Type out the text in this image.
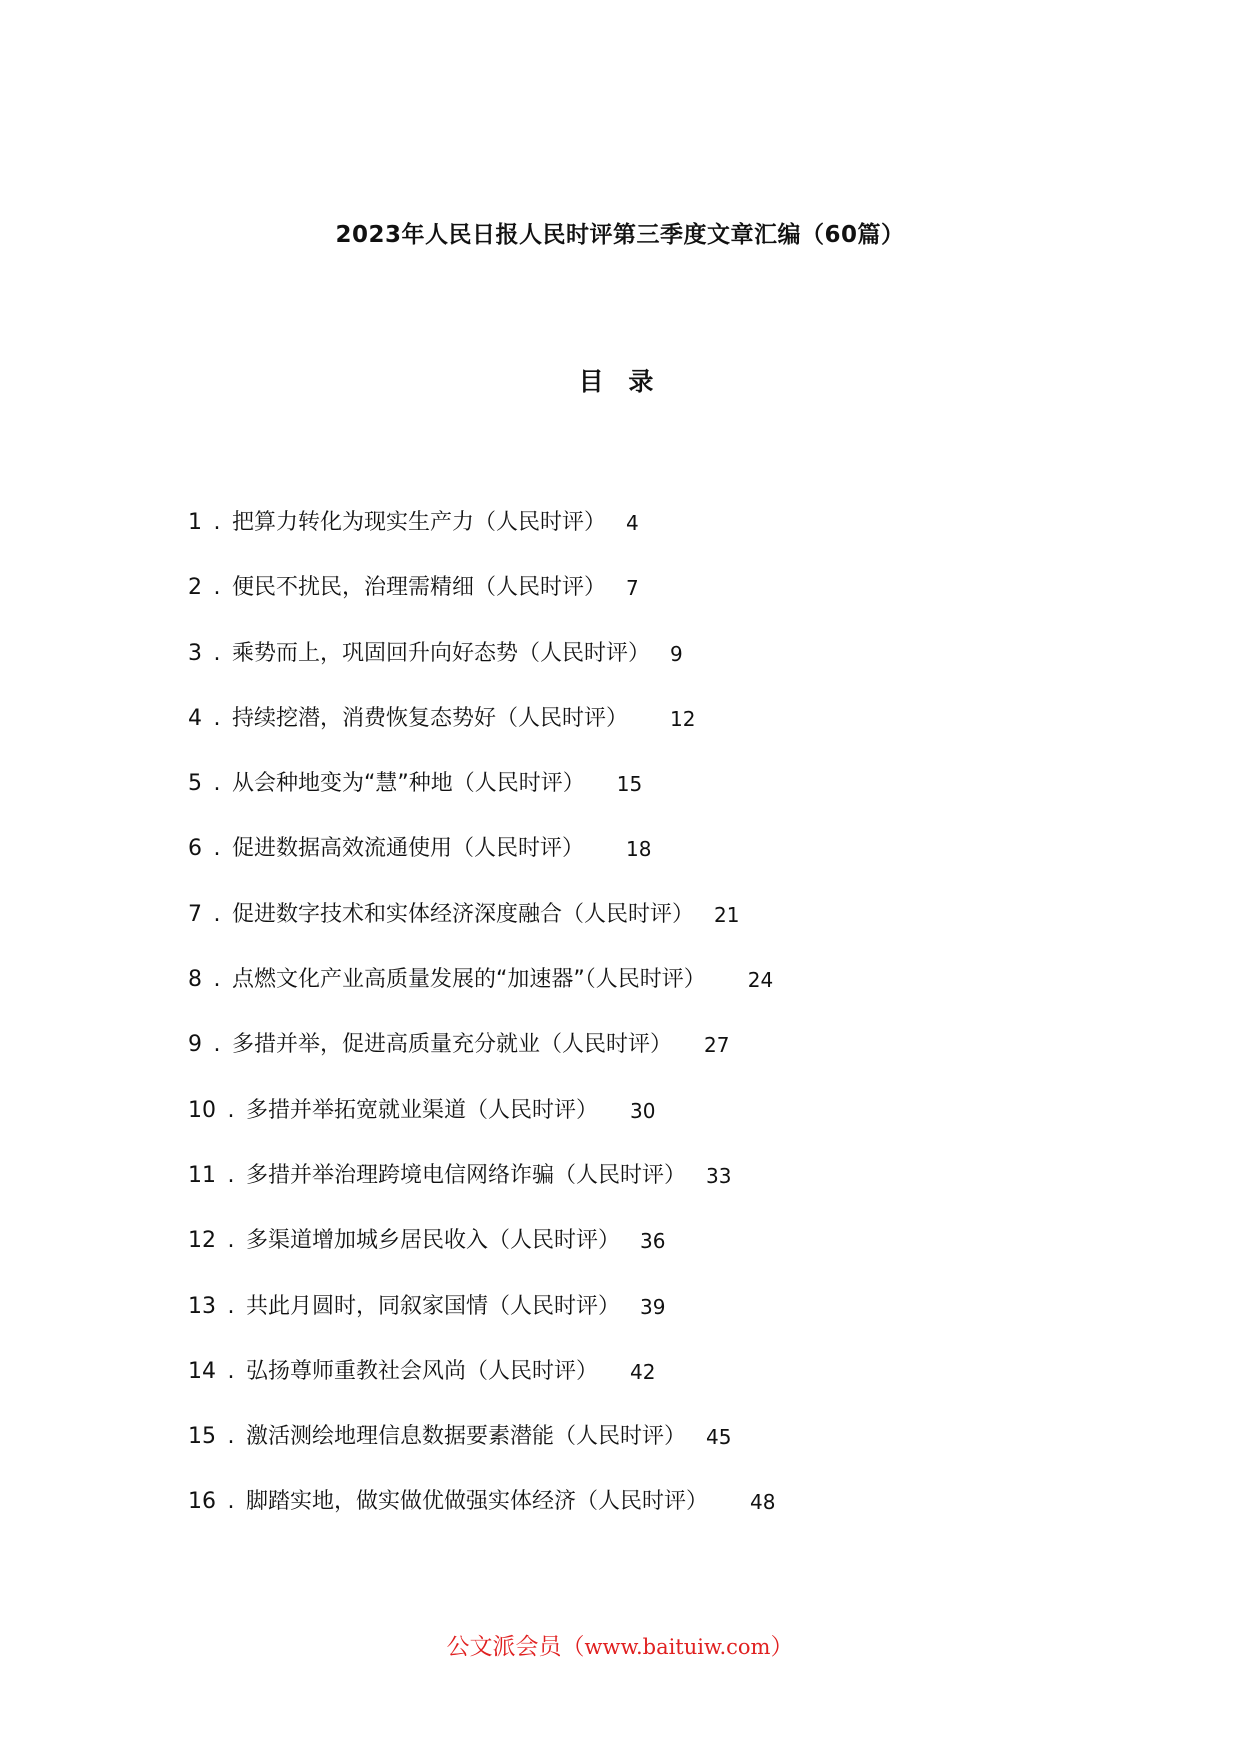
2023年人民日报人民时评第三季度文章汇编（60篇）
目 录
1 . 把算力转化为现实生产力（人民时评） 4
2 . 便民不扰民，治理需精细（人民时评） 7
3 . 乘势而上，巩固回升向好态势（人民时评） 9
4 . 持续挖潜，消费恢复态势好（人民时评） 12
5 . 从会种地变为“慧”种地（人民时评） 15
6 . 促进数据高效流通使用（人民时评） 18
7 . 促进数字技术和实体经济深度融合（人民时评） 21
8 . 点燃文化产业高质量发展的“加速器”（人民时评） 24
9 . 多措并举，促进高质量充分就业（人民时评） 27
10 . 多措并举拓宽就业渠道（人民时评） 30
11 . 多措并举治理跨境电信网络诈骗（人民时评） 33
12 . 多渠道增加城乡居民收入（人民时评） 36
13 . 共此月圆时，同叙家国情（人民时评） 39
14 . 弘扬尊师重教社会风尚（人民时评） 42
15 . 激活测绘地理信息数据要素潜能（人民时评） 45
16 . 脚踏实地，做实做优做强实体经济（人民时评） 48
公文派会员（www.baituiw.com）
